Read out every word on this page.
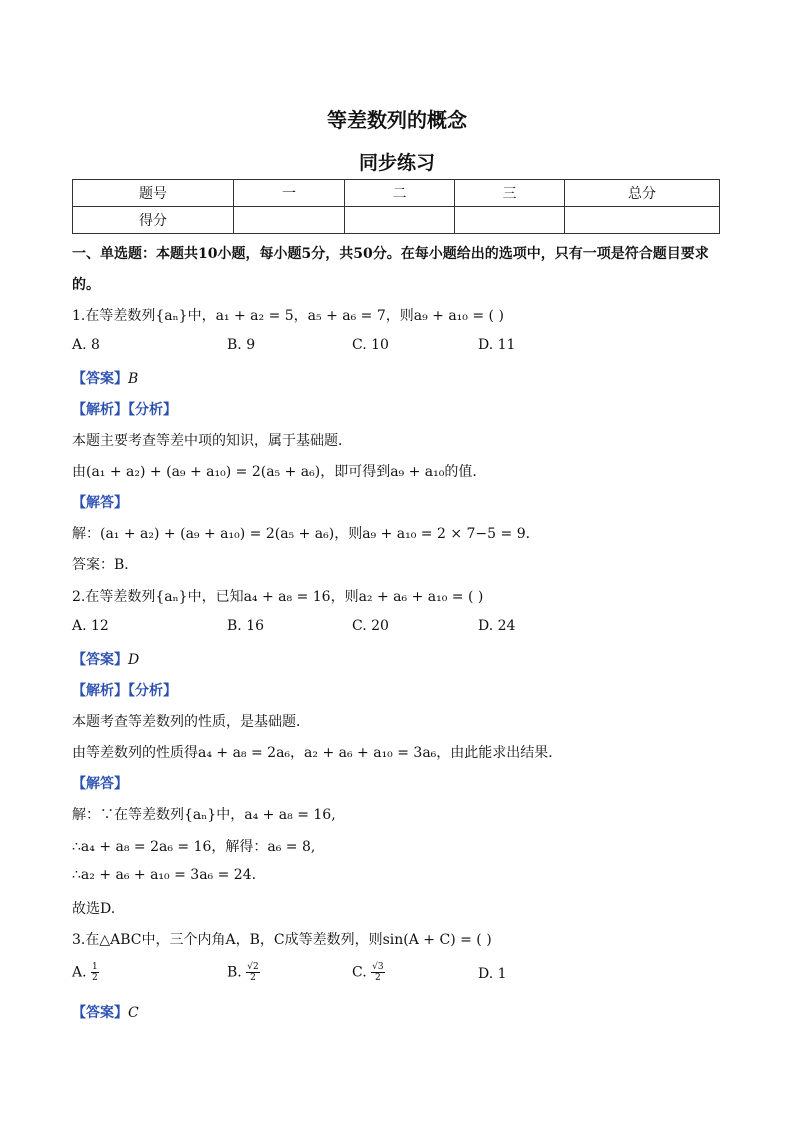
等差数列的概念
同步练习
题号	一	二	三	总分
得分				
一、单选题：本题共10小题，每小题5分，共50分。在每小题给出的选项中，只有一项是符合题目要求
的。
1.在等差数列{aₙ}中，a₁ + a₂ = 5，a₅ + a₆ = 7，则a₉ + a₁₀ = ( )
A. 8	B. 9	C. 10	D. 11
【答案】B
【解析】【分析】
本题主要考查等差中项的知识，属于基础题．
由(a₁ + a₂) + (a₉ + a₁₀) = 2(a₅ + a₆)，即可得到a₉ + a₁₀的值．
【解答】
解：(a₁ + a₂) + (a₉ + a₁₀) = 2(a₅ + a₆)，则a₉ + a₁₀ = 2 × 7−5 = 9．
答案：B．
2.在等差数列{aₙ}中，已知a₄ + a₈ = 16，则a₂ + a₆ + a₁₀ = ( )
A. 12	B. 16	C. 20	D. 24
【答案】D
【解析】【分析】
本题考查等差数列的性质，是基础题．
由等差数列的性质得a₄ + a₈ = 2a₆，a₂ + a₆ + a₁₀ = 3a₆，由此能求出结果．
【解答】
解：∵在等差数列{aₙ}中，a₄ + a₈ = 16,
∴a₄ + a₈ = 2a₆ = 16，解得：a₆ = 8,
∴a₂ + a₆ + a₁₀ = 3a₆ = 24.
故选D.
3.在△ABC中，三个内角A，B，C成等差数列，则sin(A + C) = ( )
A. $\frac{1}{2}$	B. $\frac{√2}{2}$	C. $\frac{√3}{2}$	D. 1
【答案】C
